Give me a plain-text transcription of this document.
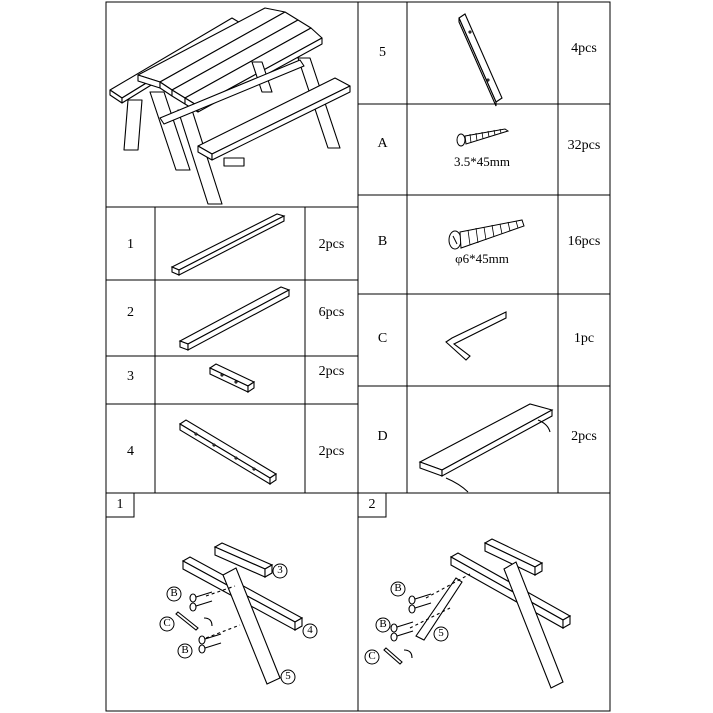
1	2pcs
2	6pcs
3	2pcs
4	2pcs
5	4pcs
A	32pcs
3.5*45mm
B	16pcs
φ6*45mm
C	1pc
D	2pcs
1	2
3
4
5
B
B
C
B
B
C
5
